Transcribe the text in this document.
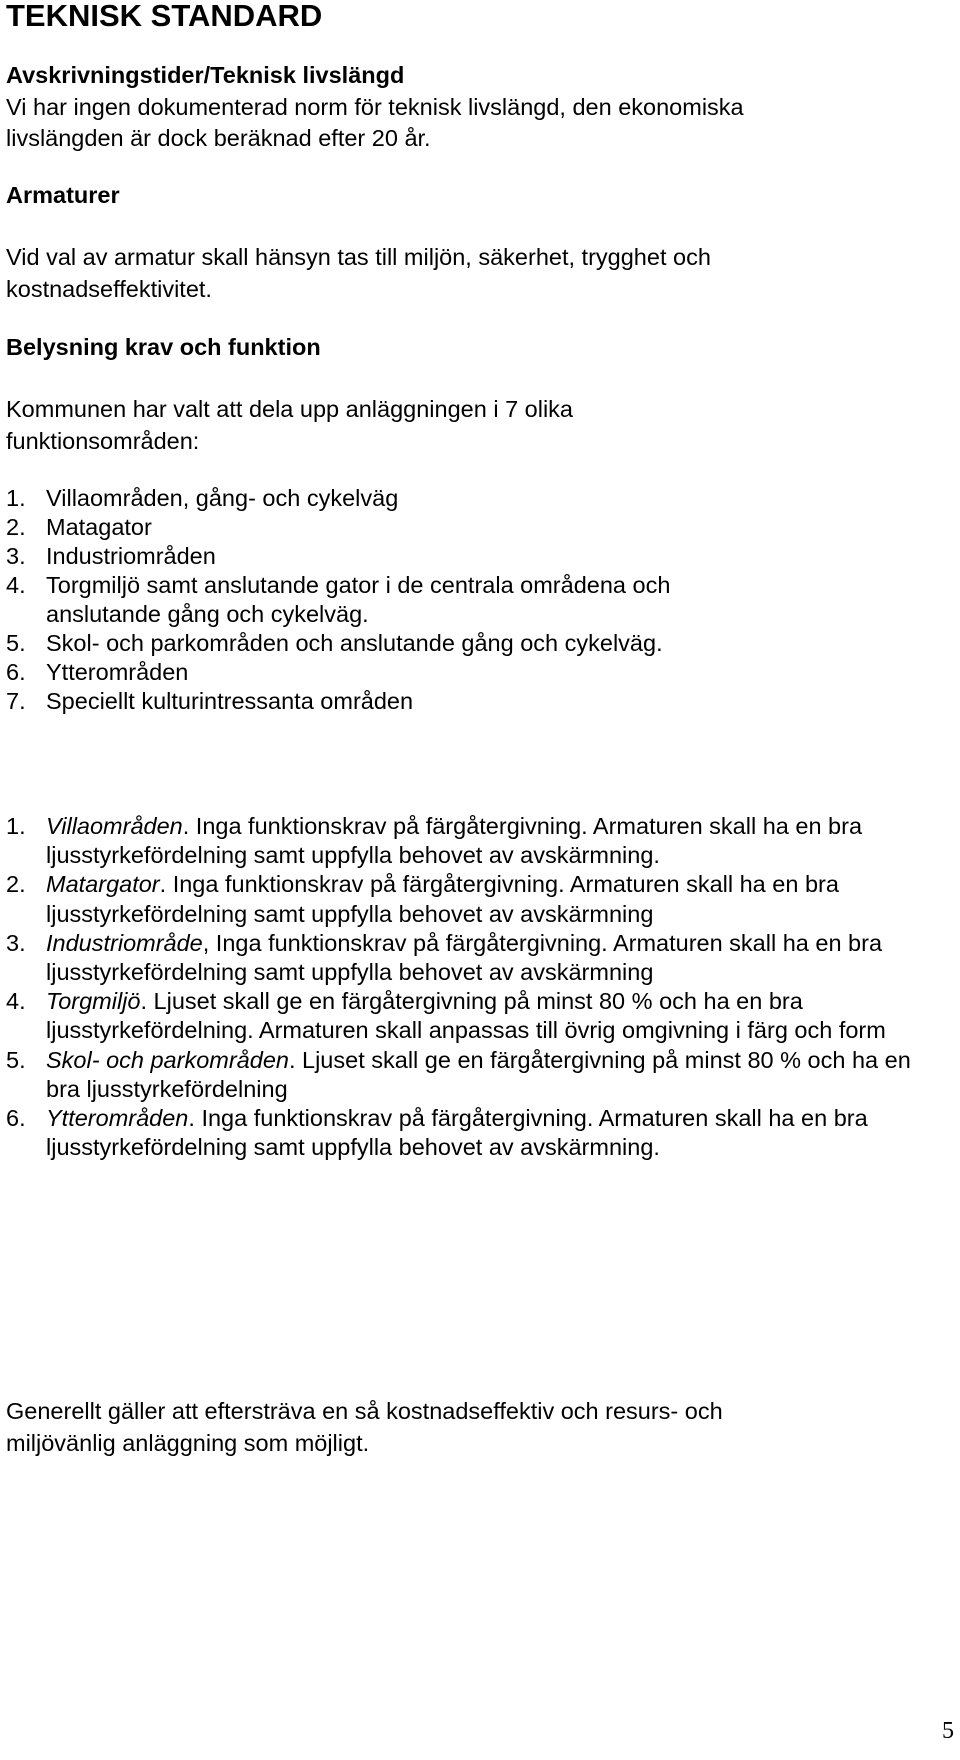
TEKNISK STANDARD
Avskrivningstider/Teknisk livslängd
Vi har ingen dokumenterad norm för teknisk livslängd, den ekonomiska
livslängden är dock beräknad efter 20 år.
Armaturer
Vid val av armatur skall hänsyn tas till miljön, säkerhet, trygghet och
kostnadseffektivitet.
Belysning krav och funktion
Kommunen har valt att dela upp anläggningen i 7 olika
funktionsområden:
1. Villaområden, gång- och cykelväg
2. Matagator
3. Industriområden
4. Torgmiljö samt anslutande gator i de centrala områdena och
anslutande gång och cykelväg.
5. Skol- och parkområden och anslutande gång och cykelväg.
6. Ytterområden
7. Speciellt kulturintressanta områden
1. Villaområden. Inga funktionskrav på färgåtergivning. Armaturen skall ha en bra ljusstyrkefördelning samt uppfylla behovet av avskärmning.
2. Matargator. Inga funktionskrav på färgåtergivning. Armaturen skall ha en bra ljusstyrkefördelning samt uppfylla behovet av avskärmning
3. Industriområde, Inga funktionskrav på färgåtergivning. Armaturen skall ha en bra ljusstyrkefördelning samt uppfylla behovet av avskärmning
4. Torgmiljö. Ljuset skall ge en färgåtergivning på minst 80 % och ha en bra ljusstyrkefördelning. Armaturen skall anpassas till övrig omgivning i färg och form
5. Skol- och parkområden. Ljuset skall ge en färgåtergivning på minst 80 % och ha en bra ljusstyrkefördelning
6. Ytterområden. Inga funktionskrav på färgåtergivning. Armaturen skall ha en bra ljusstyrkefördelning samt uppfylla behovet av avskärmning.
Generellt gäller att eftersträva en så kostnadseffektiv och resurs- och
miljövänlig anläggning som möjligt.
5
